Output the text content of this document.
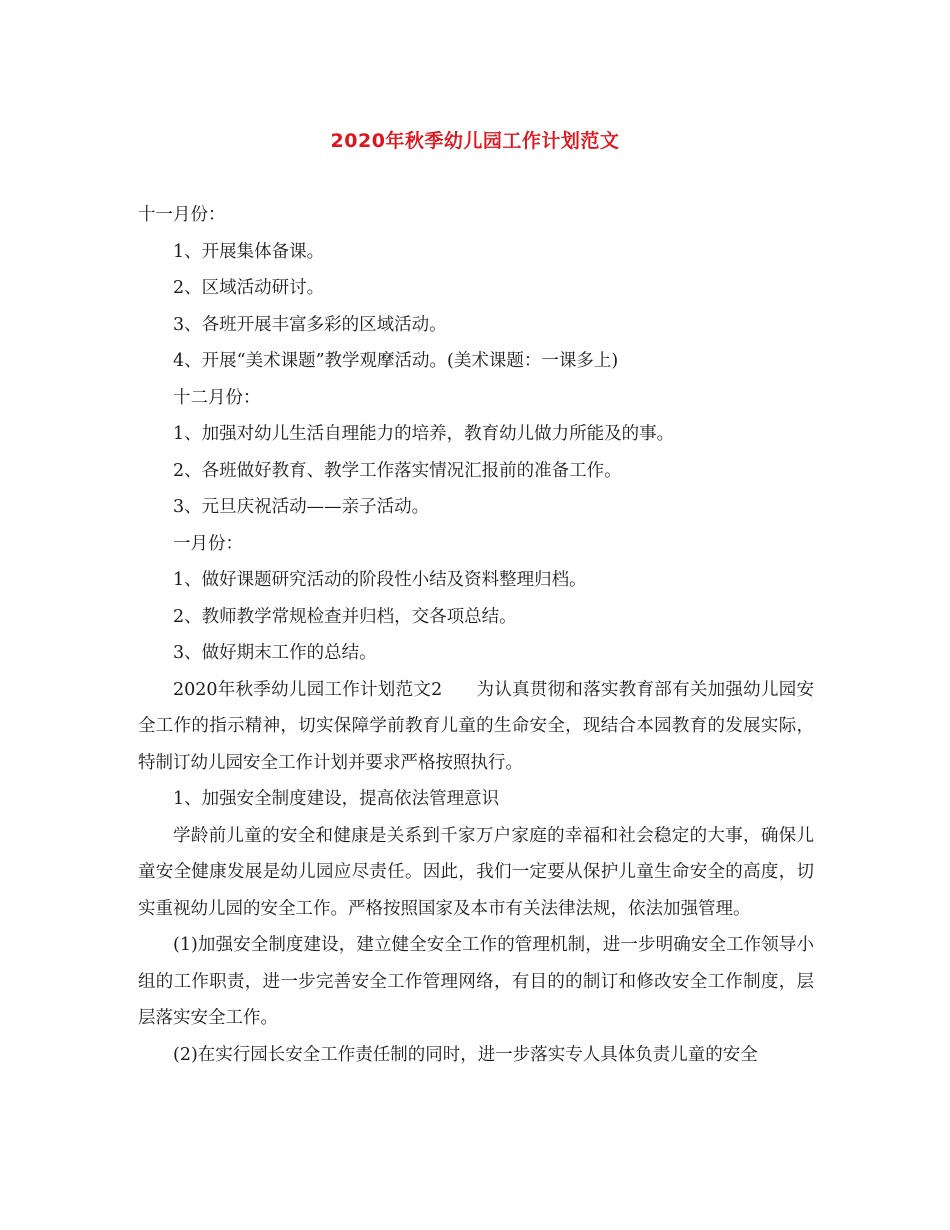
2020年秋季幼儿园工作计划范文

十一月份：

1、开展集体备课。

2、区域活动研讨。

3、各班开展丰富多彩的区域活动。

4、开展“美术课题”教学观摩活动。(美术课题：一课多上)

十二月份：

1、加强对幼儿生活自理能力的培养，教育幼儿做力所能及的事。

2、各班做好教育、教学工作落实情况汇报前的准备工作。

3、元旦庆祝活动——亲子活动。

一月份：

1、做好课题研究活动的阶段性小结及资料整理归档。

2、教师教学常规检查并归档，交各项总结。

3、做好期末工作的总结。

2020年秋季幼儿园工作计划范文2 为认真贯彻和落实教育部有关加强幼儿园安全工作的指示精神，切实保障学前教育儿童的生命安全，现结合本园教育的发展实际，特制订幼儿园安全工作计划并要求严格按照执行。

1、加强安全制度建设，提高依法管理意识

学龄前儿童的安全和健康是关系到千家万户家庭的幸福和社会稳定的大事，确保儿童安全健康发展是幼儿园应尽责任。因此，我们一定要从保护儿童生命安全的高度，切实重视幼儿园的安全工作。严格按照国家及本市有关法律法规，依法加强管理。

(1)加强安全制度建设，建立健全安全工作的管理机制，进一步明确安全工作领导小组的工作职责，进一步完善安全工作管理网络，有目的的制订和修改安全工作制度，层层落实安全工作。

(2)在实行园长安全工作责任制的同时，进一步落实专人具体负责儿童的安全
